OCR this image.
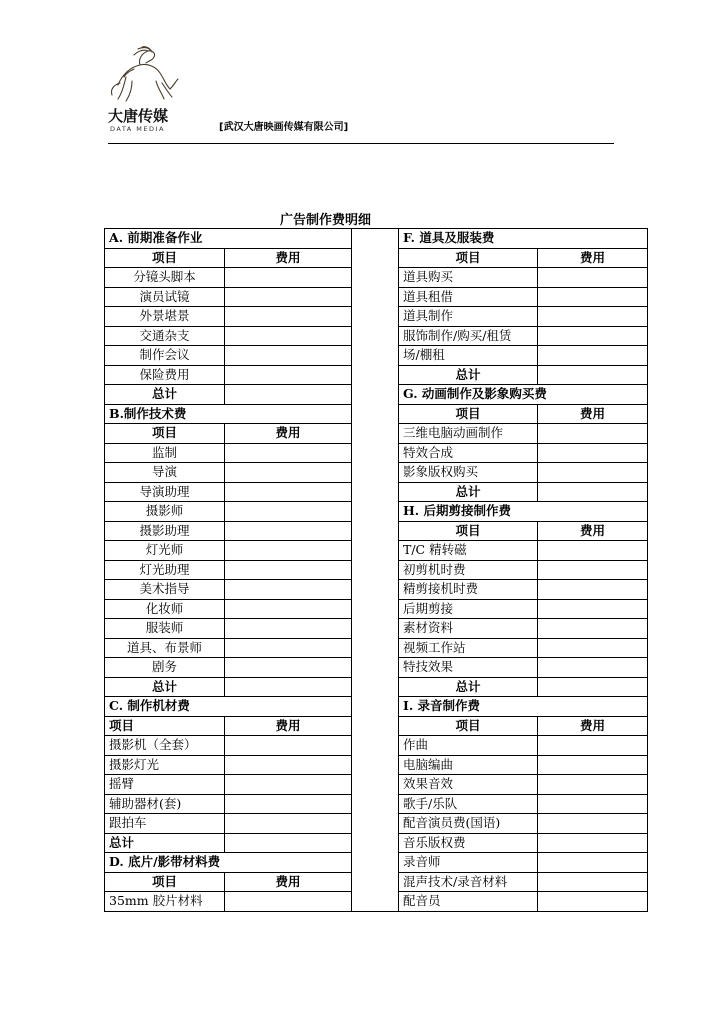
大唐传媒
DATA MEDIA	[武汉大唐映画传媒有限公司]
广告制作费明细
A. 前期准备作业			F. 道具及服装费	
项目	费用		项目	费用
分镜头脚本			道具购买	
演员试镜			道具租借	
外景堪景			道具制作	
交通杂支			服饰制作/购买/租赁	
制作会议			场/棚租	
保险费用			总计	
总计			G. 动画制作及影象购买费	
B.制作技术费			项目	费用
项目	费用		三维电脑动画制作	
监制			特效合成	
导演			影象版权购买	
导演助理			总计	
摄影师			H. 后期剪接制作费	
摄影助理			项目	费用
灯光师			T/C 精转磁	
灯光助理			初剪机时费	
美术指导			精剪接机时费	
化妆师			后期剪接	
服装师			素材资料	
道具、布景师			视频工作站	
剧务			特技效果	
总计			总计	
C. 制作机材费			I. 录音制作费	
项目	费用		项目	费用
摄影机（全套）			作曲	
摄影灯光			电脑编曲	
摇臂			效果音效	
辅助器材(套)			歌手/乐队	
跟拍车			配音演员费(国语)	
总计			音乐版权费	
D. 底片/影带材料费			录音师	
项目	费用		混声技术/录音材料	
35mm 胶片材料			配音员	
